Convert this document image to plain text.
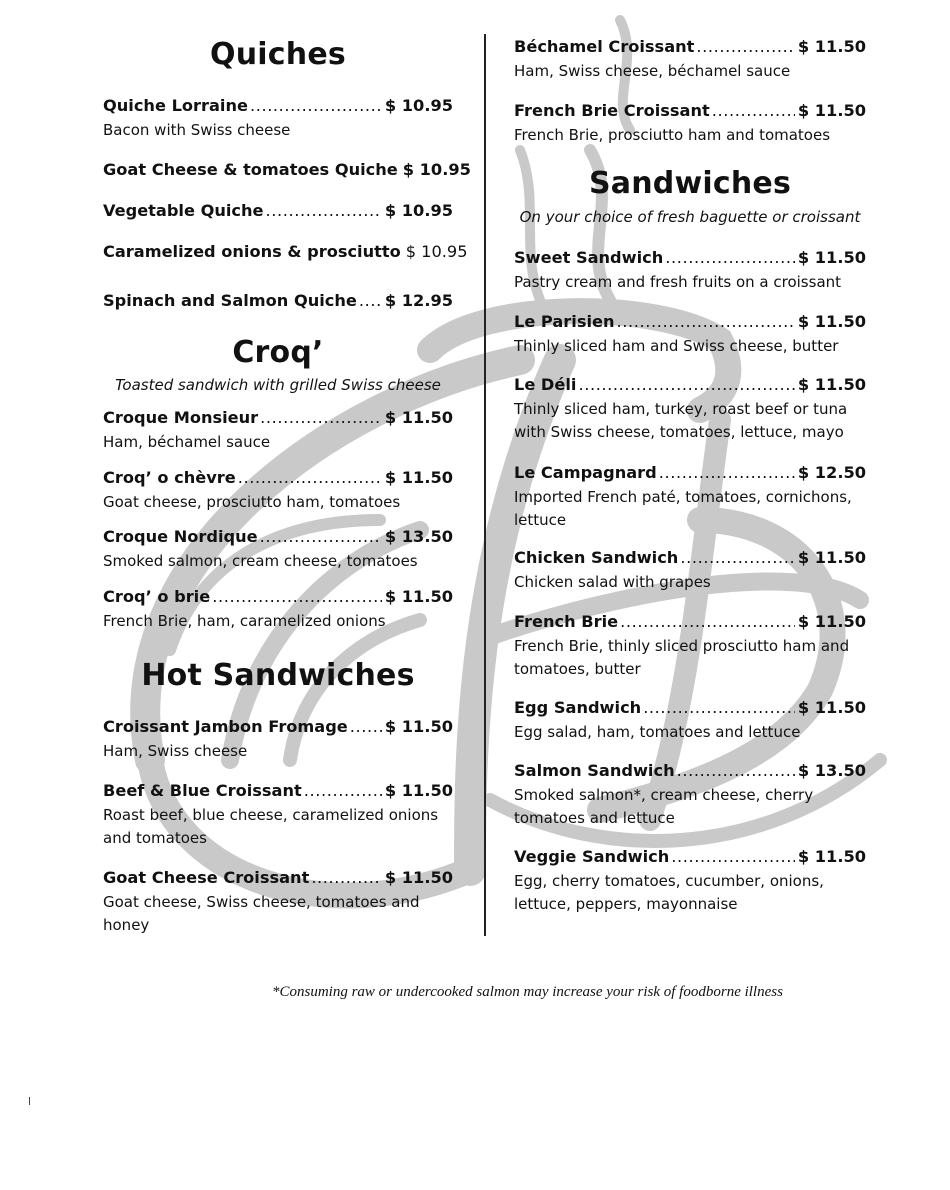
Quiches
Quiche Lorraine .....	$ 10.95
Bacon with Swiss cheese
Goat Cheese & tomatoes Quiche $ 10.95
Vegetable Quiche .....	$ 10.95
Caramelized onions & prosciutto $ 10.95
Spinach and Salmon Quiche ..... $ 12.95
Croq’
Toasted sandwich with grilled Swiss cheese
Croque Monsieur .....	$ 11.50
Ham, béchamel sauce
Croq’ o chèvre .....	$ 11.50
Goat cheese, prosciutto ham, tomatoes
Croque Nordique .....	$ 13.50
Smoked salmon, cream cheese, tomatoes
Croq’ o brie .....	$ 11.50
French Brie, ham, caramelized onions
Hot Sandwiches
Croissant Jambon Fromage ..... $ 11.50
Ham, Swiss cheese
Beef & Blue Croissant .....	$ 11.50
Roast beef, blue cheese, caramelized onions and tomatoes
Goat Cheese Croissant .....	$ 11.50
Goat cheese, Swiss cheese, tomatoes and honey
Béchamel Croissant .....	$ 11.50
Ham, Swiss cheese, béchamel sauce
French Brie Croissant .....	$ 11.50
French Brie, prosciutto ham and tomatoes
Sandwiches
On your choice of fresh baguette or croissant
Sweet Sandwich .....	$ 11.50
Pastry cream and fresh fruits on a croissant
Le Parisien .....	$ 11.50
Thinly sliced ham and Swiss cheese, butter
Le Déli .....	$ 11.50
Thinly sliced ham, turkey, roast beef or tuna with Swiss cheese, tomatoes, lettuce, mayo
Le Campagnard .....	$ 12.50
Imported French paté, tomatoes, cornichons, lettuce
Chicken Sandwich .....	$ 11.50
Chicken salad with grapes
French Brie .....	$ 11.50
French Brie, thinly sliced prosciutto ham and tomatoes, butter
Egg Sandwich .....	$ 11.50
Egg salad, ham, tomatoes and lettuce
Salmon Sandwich .....	$ 13.50
Smoked salmon*, cream cheese, cherry tomatoes and lettuce
Veggie Sandwich .....	$ 11.50
Egg, cherry tomatoes, cucumber, onions, lettuce, peppers, mayonnaise
*Consuming raw or undercooked salmon may increase your risk of foodborne illness
